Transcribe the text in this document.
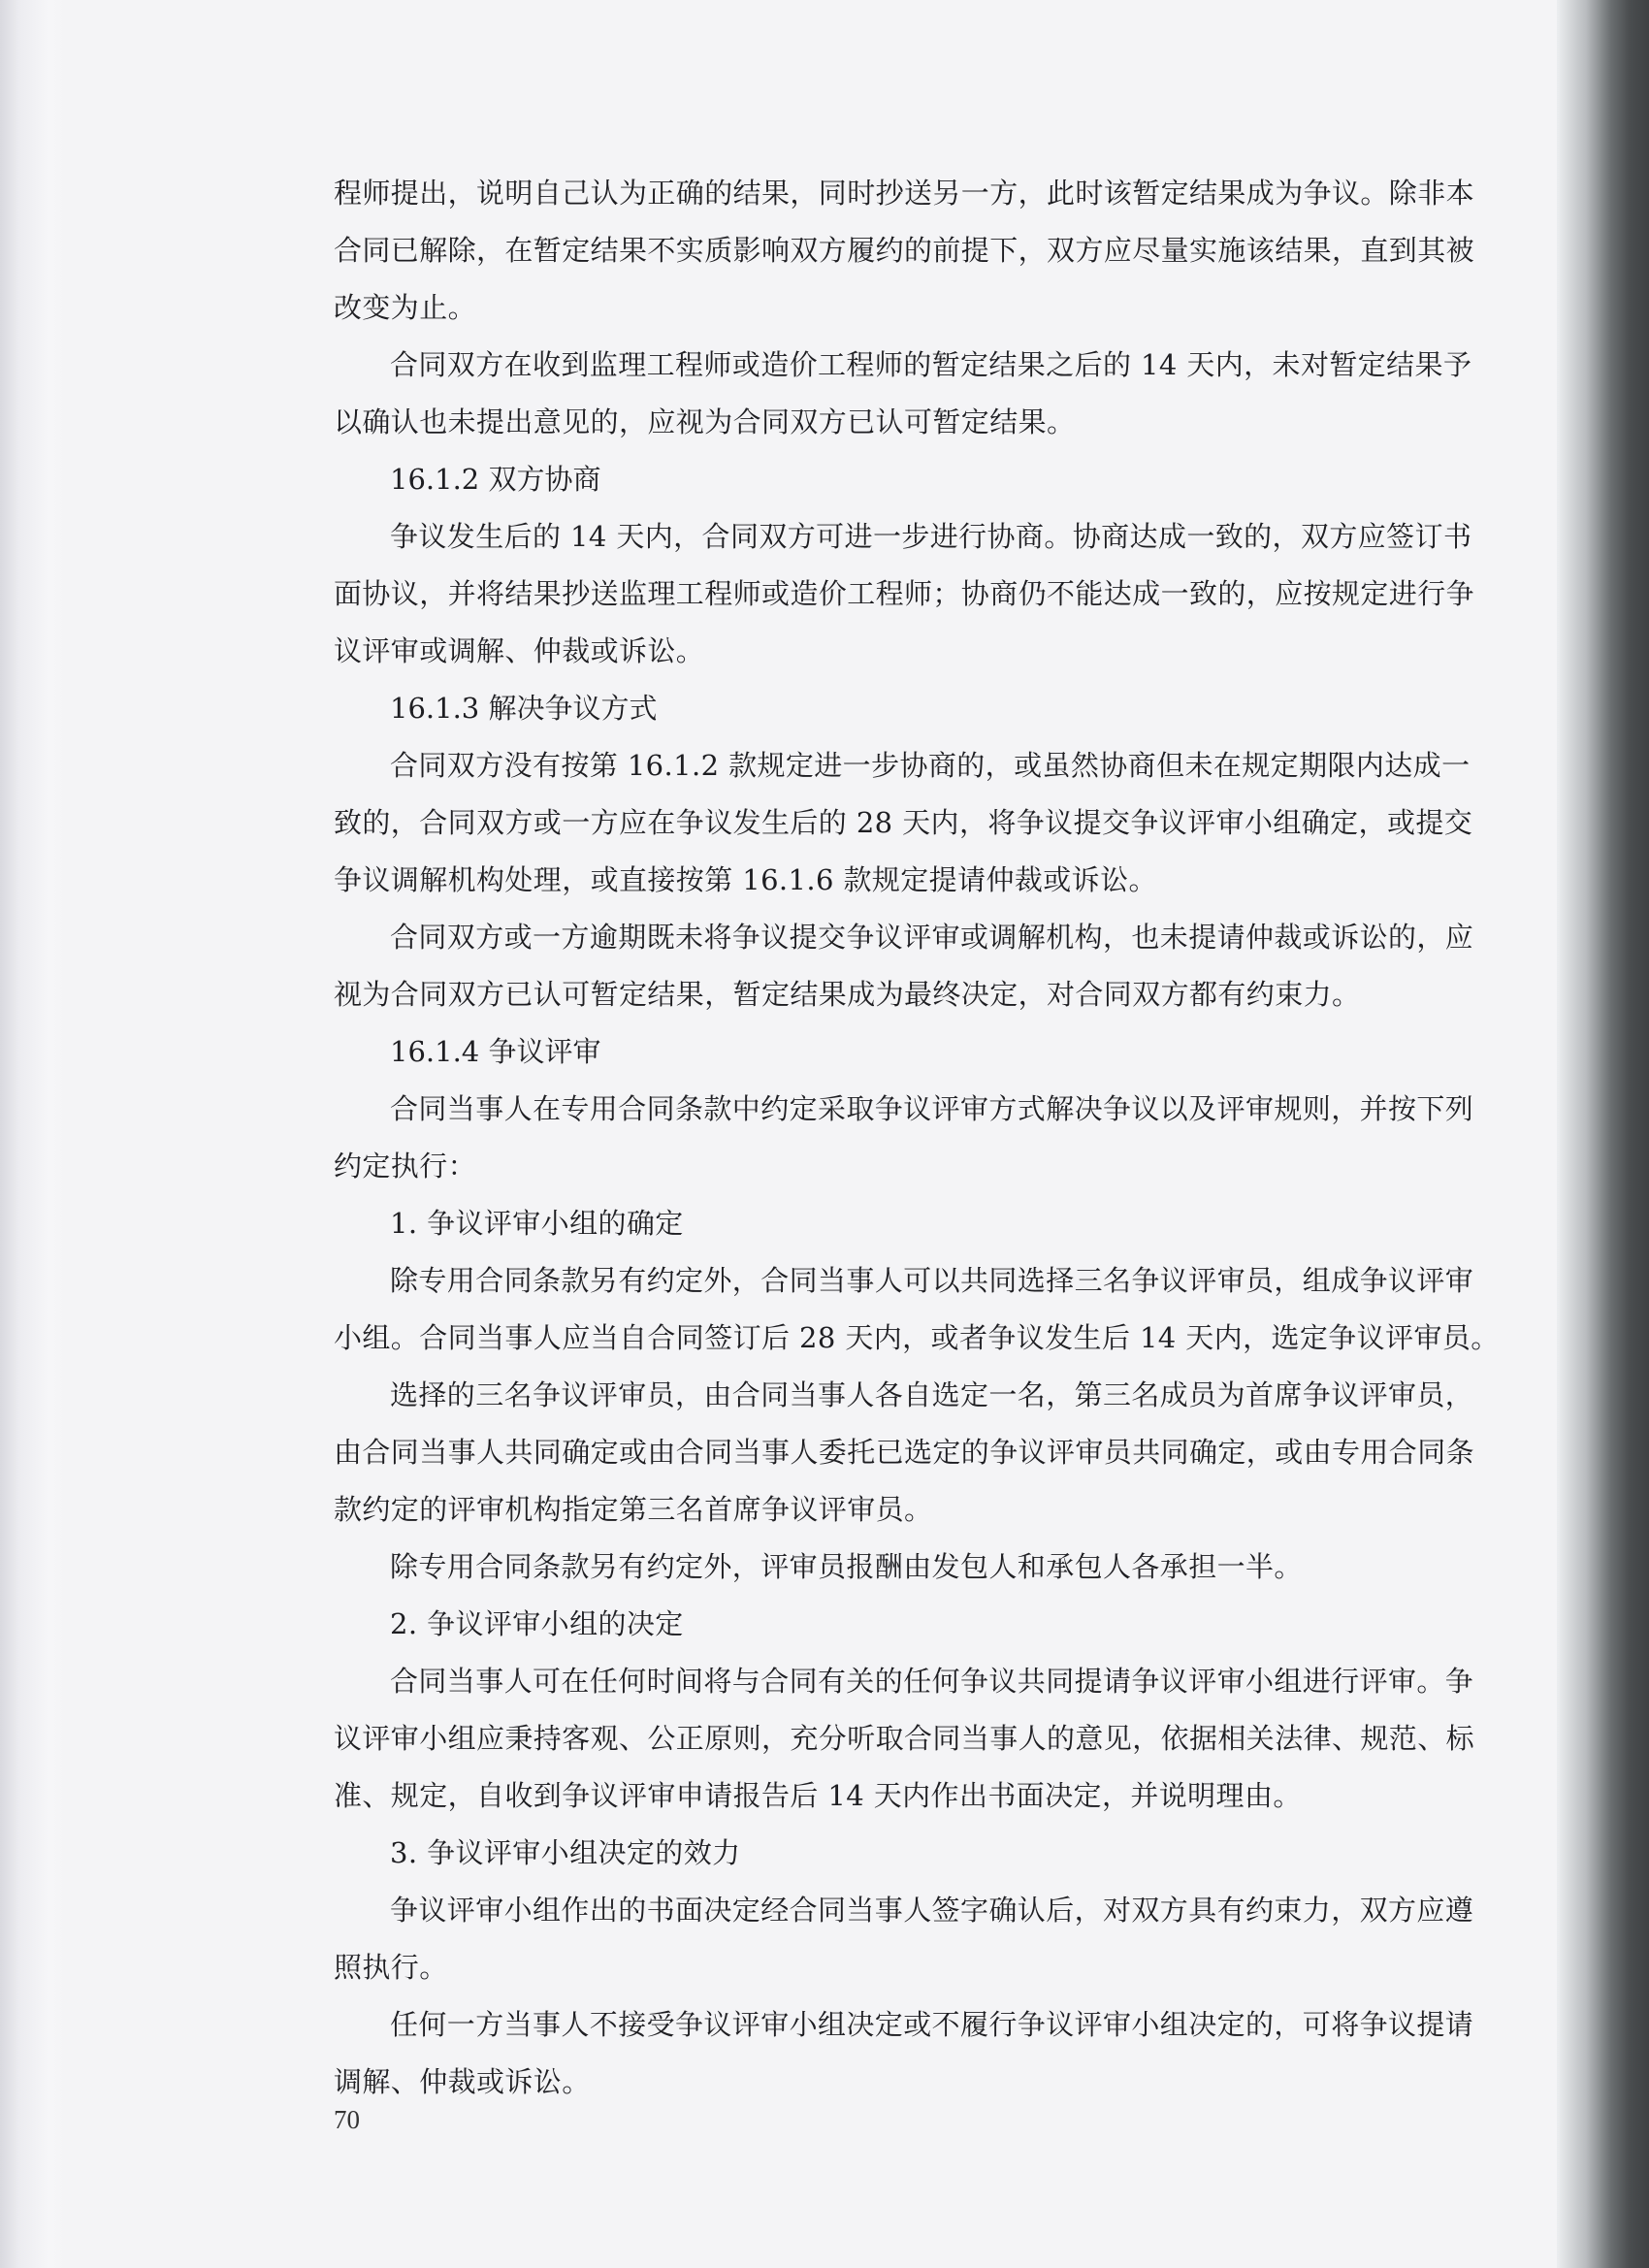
程师提出，说明自己认为正确的结果，同时抄送另一方，此时该暂定结果成为争议。除非本
合同已解除，在暂定结果不实质影响双方履约的前提下，双方应尽量实施该结果，直到其被
改变为止。
合同双方在收到监理工程师或造价工程师的暂定结果之后的 14 天内，未对暂定结果予
以确认也未提出意见的，应视为合同双方已认可暂定结果。
16.1.2 双方协商
争议发生后的 14 天内，合同双方可进一步进行协商。协商达成一致的，双方应签订书
面协议，并将结果抄送监理工程师或造价工程师；协商仍不能达成一致的，应按规定进行争
议评审或调解、仲裁或诉讼。
16.1.3 解决争议方式
合同双方没有按第 16.1.2 款规定进一步协商的，或虽然协商但未在规定期限内达成一
致的，合同双方或一方应在争议发生后的 28 天内，将争议提交争议评审小组确定，或提交
争议调解机构处理，或直接按第 16.1.6 款规定提请仲裁或诉讼。
合同双方或一方逾期既未将争议提交争议评审或调解机构，也未提请仲裁或诉讼的，应
视为合同双方已认可暂定结果，暂定结果成为最终决定，对合同双方都有约束力。
16.1.4 争议评审
合同当事人在专用合同条款中约定采取争议评审方式解决争议以及评审规则，并按下列
约定执行：
1. 争议评审小组的确定
除专用合同条款另有约定外，合同当事人可以共同选择三名争议评审员，组成争议评审
小组。合同当事人应当自合同签订后 28 天内，或者争议发生后 14 天内，选定争议评审员。
选择的三名争议评审员，由合同当事人各自选定一名，第三名成员为首席争议评审员，
由合同当事人共同确定或由合同当事人委托已选定的争议评审员共同确定，或由专用合同条
款约定的评审机构指定第三名首席争议评审员。
除专用合同条款另有约定外，评审员报酬由发包人和承包人各承担一半。
2. 争议评审小组的决定
合同当事人可在任何时间将与合同有关的任何争议共同提请争议评审小组进行评审。争
议评审小组应秉持客观、公正原则，充分听取合同当事人的意见，依据相关法律、规范、标
准、规定，自收到争议评审申请报告后 14 天内作出书面决定，并说明理由。
3. 争议评审小组决定的效力
争议评审小组作出的书面决定经合同当事人签字确认后，对双方具有约束力，双方应遵
照执行。
任何一方当事人不接受争议评审小组决定或不履行争议评审小组决定的，可将争议提请
调解、仲裁或诉讼。
70
